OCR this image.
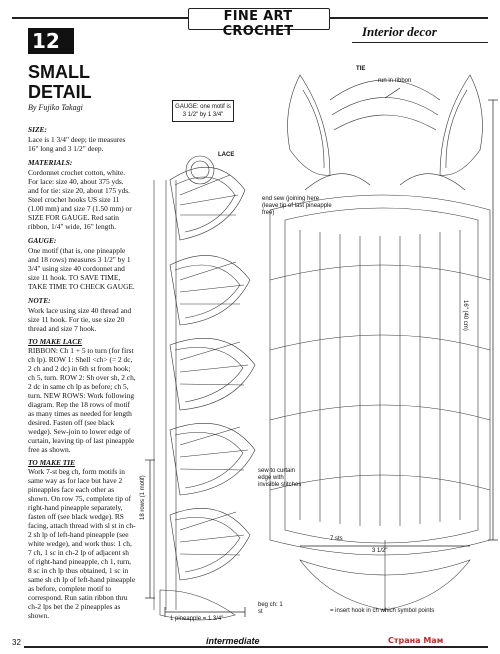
FINE ART CROCHET	Interior decor
12
SMALL
DETAIL
By Fujiko Takagi
SIZE:

Lace is 1 3/4" deep; tie measures 16" long and 3 1/2" deep.

MATERIALS:

Cordonnet crochet cotton, white. For lace: size 40, about 375 yds. and for tie: size 20, about 175 yds. Steel crochet hooks US size 11 (1.00 mm) and size 7 (1.50 mm) or SIZE FOR GAUGE. Red satin ribbon, 1/4" wide, 16" length.

GAUGE:

One motif (that is, one pineapple and 18 rows) measures 3 1/2" by 1 3/4" using size 40 cordonnet and size 11 hook. TO SAVE TIME, TAKE TIME TO CHECK GAUGE.

NOTE:

Work lace using size 40 thread and size 11 hook. For tie, use size 20 thread and size 7 hook.

TO MAKE LACE

RIBBON: Ch 1 + 5 to turn (for first ch lp). ROW 1: Shell <ch> (= 2 dc, 2 ch and 2 dc) in 6th st from hook; ch 5, turn. ROW 2: Sh over sh, 2 ch, 2 dc in same ch lp as before; ch 5, turn. NEW ROWS: Work following diagram. Rep the 18 rows of motif as many times as needed for length desired. Fasten off (see black wedge). Sew-join to lower edge of curtain, leaving tip of last pineapple free as shown.

TO MAKE TIE

Work 7-st beg ch, form motifs in same way as for lace but have 2 pineapples face each other as shown. On row 75, complete tip of right-hand pineapple separately, fasten off (see black wedge). RS facing, attach thread with sl st in ch-2 sh lp of left-hand pineapple (see white wedge), and work thus: 1 ch, 7 ch, 1 sc in ch-2 lp of adjacent sh of right-hand pineapple, ch 1, turn, 8 sc in ch lp thus obtained, 1 sc in same sh ch lp of left-hand pineapple as before, complete motif to correspond. Run satin ribbon thru ch-2 lps bet the 2 pineapples as shown.

GAUGE: one motif is 3 1/2" by 1 3/4"
LACE
TIE
run in ribbon
end sew (joining here (leave tip of last pineapple free)
16" (40 cm)
18 rows (1 motif)
3 1/2"
sew to curtain edge with invisible stitches
7 sts
beg ch: 1 st
1 pineapple = 1 3/4"
= insert hook in ch which symbol points
32	intermediate	Страна Мам
